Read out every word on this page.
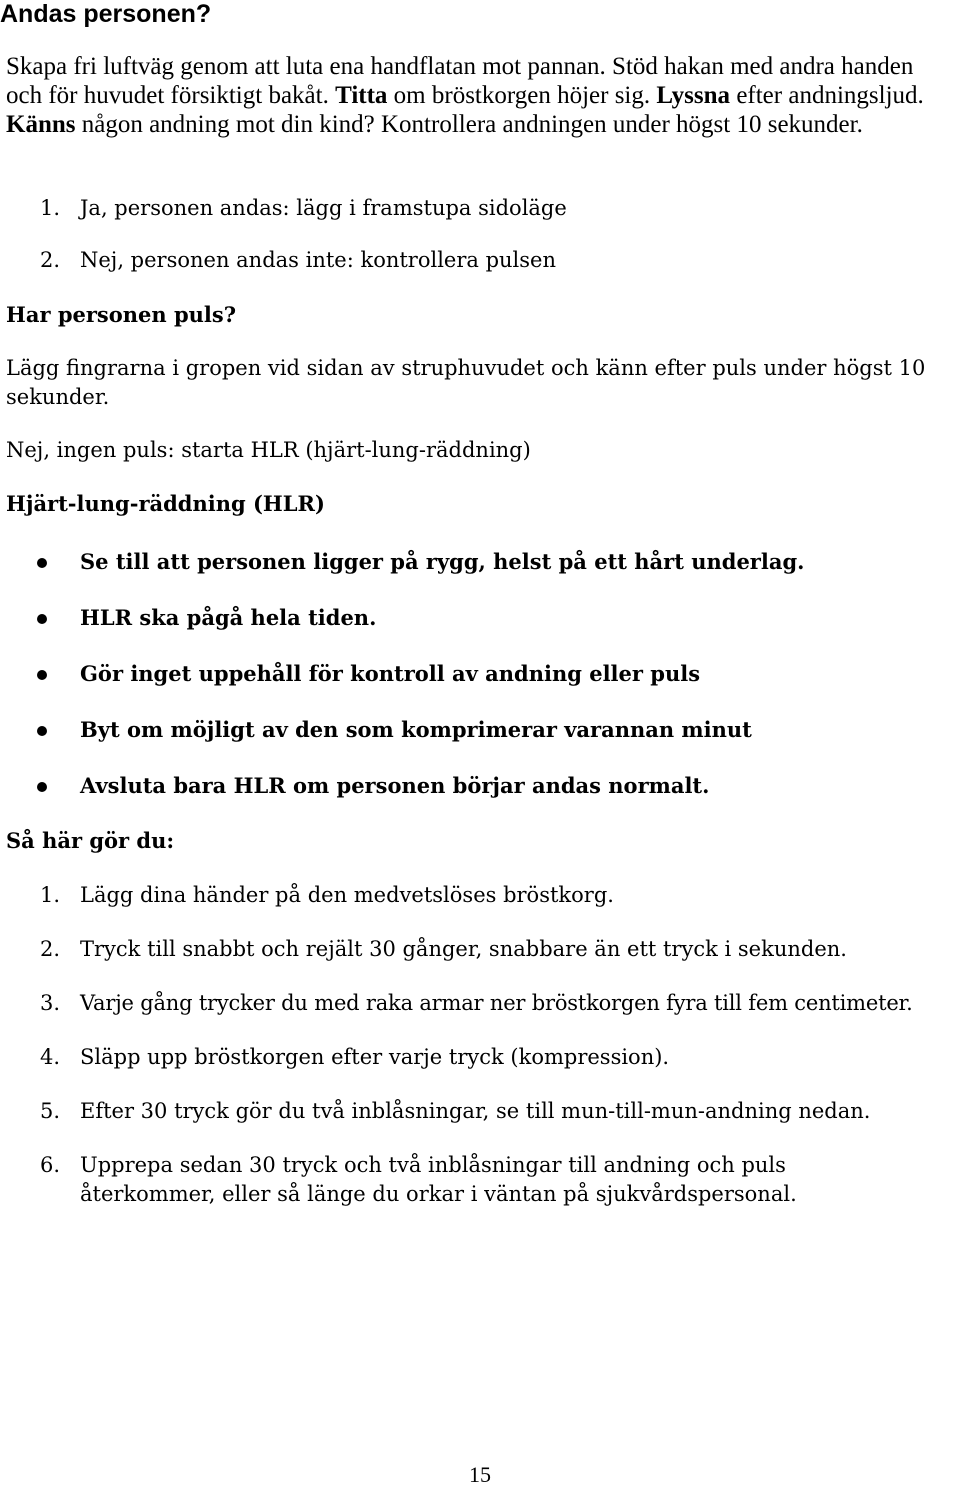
Andas personen?

Skapa fri luftväg genom att luta ena handflatan mot pannan. Stöd hakan med andra handen och för huvudet försiktigt bakåt. Titta om bröstkorgen höjer sig. Lyssna efter andningsljud. Känns någon andning mot din kind? Kontrollera andningen under högst 10 sekunder.

1. Ja, personen andas: lägg i framstupa sidoläge
2. Nej, personen andas inte: kontrollera pulsen
Har personen puls?

Lägg fingrarna i gropen vid sidan av struphuvudet och känn efter puls under högst 10 sekunder.

Nej, ingen puls: starta HLR (hjärt-lung-räddning)

Hjärt-lung-räddning (HLR)
Se till att personen ligger på rygg, helst på ett hårt underlag.
HLR ska pågå hela tiden.
Gör inget uppehåll för kontroll av andning eller puls
Byt om möjligt av den som komprimerar varannan minut
Avsluta bara HLR om personen börjar andas normalt.
Så här gör du:
1. Lägg dina händer på den medvetslöses bröstkorg.
2. Tryck till snabbt och rejält 30 gånger, snabbare än ett tryck i sekunden.
3. Varje gång trycker du med raka armar ner bröstkorgen fyra till fem centimeter.
4. Släpp upp bröstkorgen efter varje tryck (kompression).
5. Efter 30 tryck gör du två inblåsningar, se till mun-till-mun-andning nedan.
6. Upprepa sedan 30 tryck och två inblåsningar till andning och puls återkommer, eller så länge du orkar i väntan på sjukvårdspersonal.
15
